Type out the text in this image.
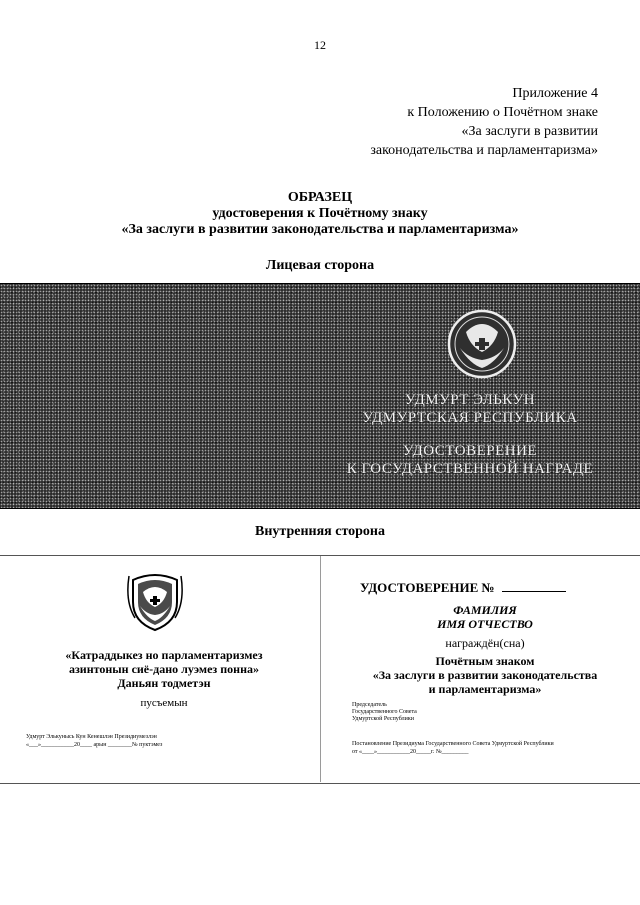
12
Приложение 4
к Положению о Почётном знаке
«За заслуги в развитии
законодательства и парламентаризма»
ОБРАЗЕЦ
удостоверения к Почётному знаку
«За заслуги в развитии законодательства и парламентаризма»
Лицевая сторона
УДМУРТ ЭЛЬКУН
УДМУРТСКАЯ РЕСПУБЛИКА
УДОСТОВЕРЕНИЕ
К ГОСУДАРСТВЕННОЙ НАГРАДЕ
Внутренняя сторона
«Катраддыкез но парламентаризмез
азинтонын сиё-дано луэмез понна»
Даньян тодметэн
пусъемын
Удмурт Элькунысь Кун Кенешлэн Президиумезлэн
«___»___________20____ арын ________№ пуктэмез
УДОСТОВЕРЕНИЕ №
ФАМИЛИЯ
ИМЯ ОТЧЕСТВО
награждён(сна)
Почётным знаком
«За заслуги в развитии законодательства
и парламентаризма»
Председатель
Государственного Совета
Удмуртской Республики
Постановление Президиума Государственного Совета Удмуртской Республики
от «____»___________20_____г. №_________
